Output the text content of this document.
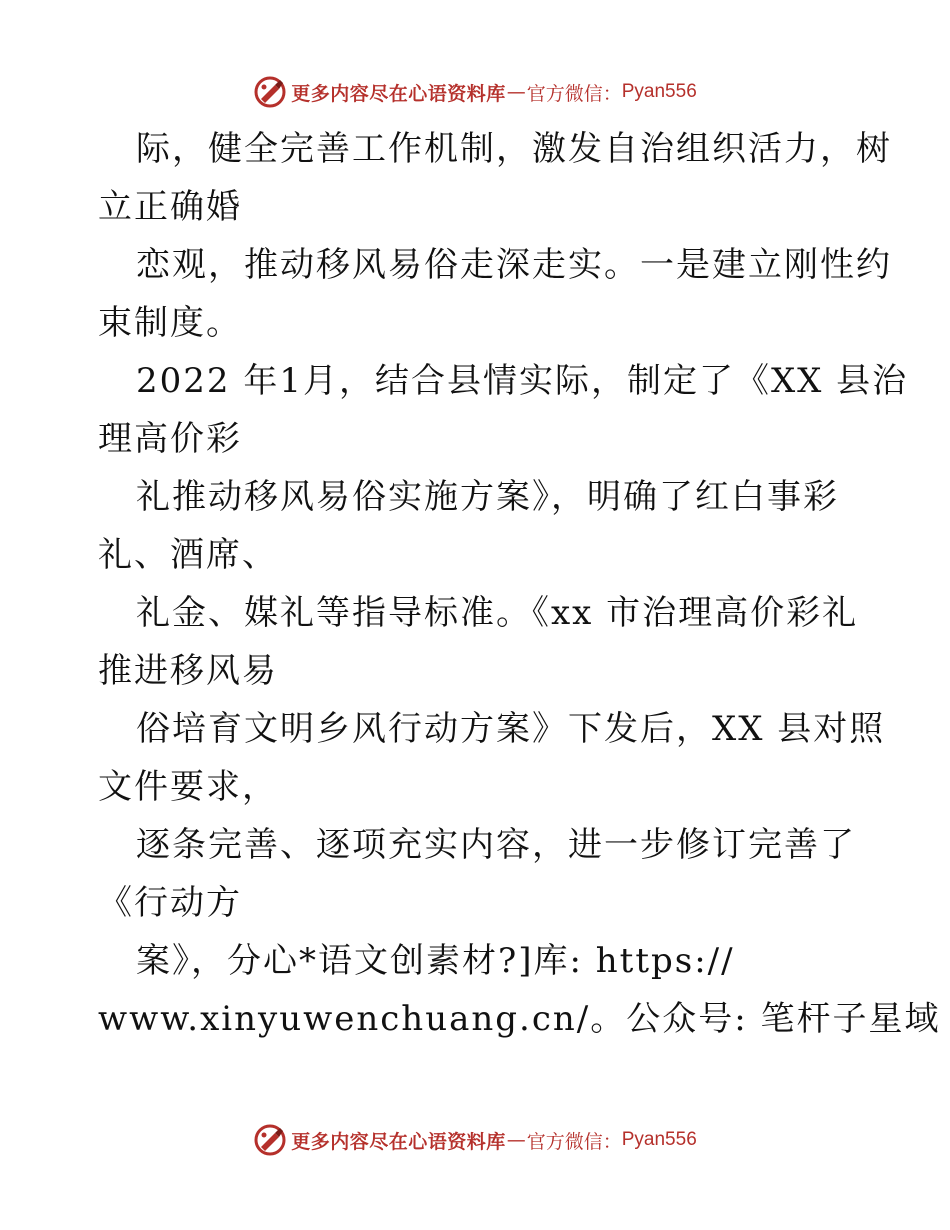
更多内容尽在心语资料库 — 官方微信： Pyan556
际，健全完善工作机制，激发自治组织活力，树
立正确婚
恋观，推动移风易俗走深走实。一是建立刚性约
束制度。
2022 年1月，结合县情实际，制定了《XX 县治
理高价彩
礼推动移风易俗实施方案》，明确了红白事彩
礼、酒席、
礼金、媒礼等指导标准。《xx 市治理高价彩礼
推进移风易
俗培育文明乡风行动方案》下发后，XX 县对照
文件要求，
逐条完善、逐项充实内容，进一步修订完善了
《行动方
案》，分心*语文创素材?]库: https://
www.xinyuwenchuang.cn/。公众号: 笔杆子星域
更多内容尽在心语资料库 — 官方微信： Pyan556
